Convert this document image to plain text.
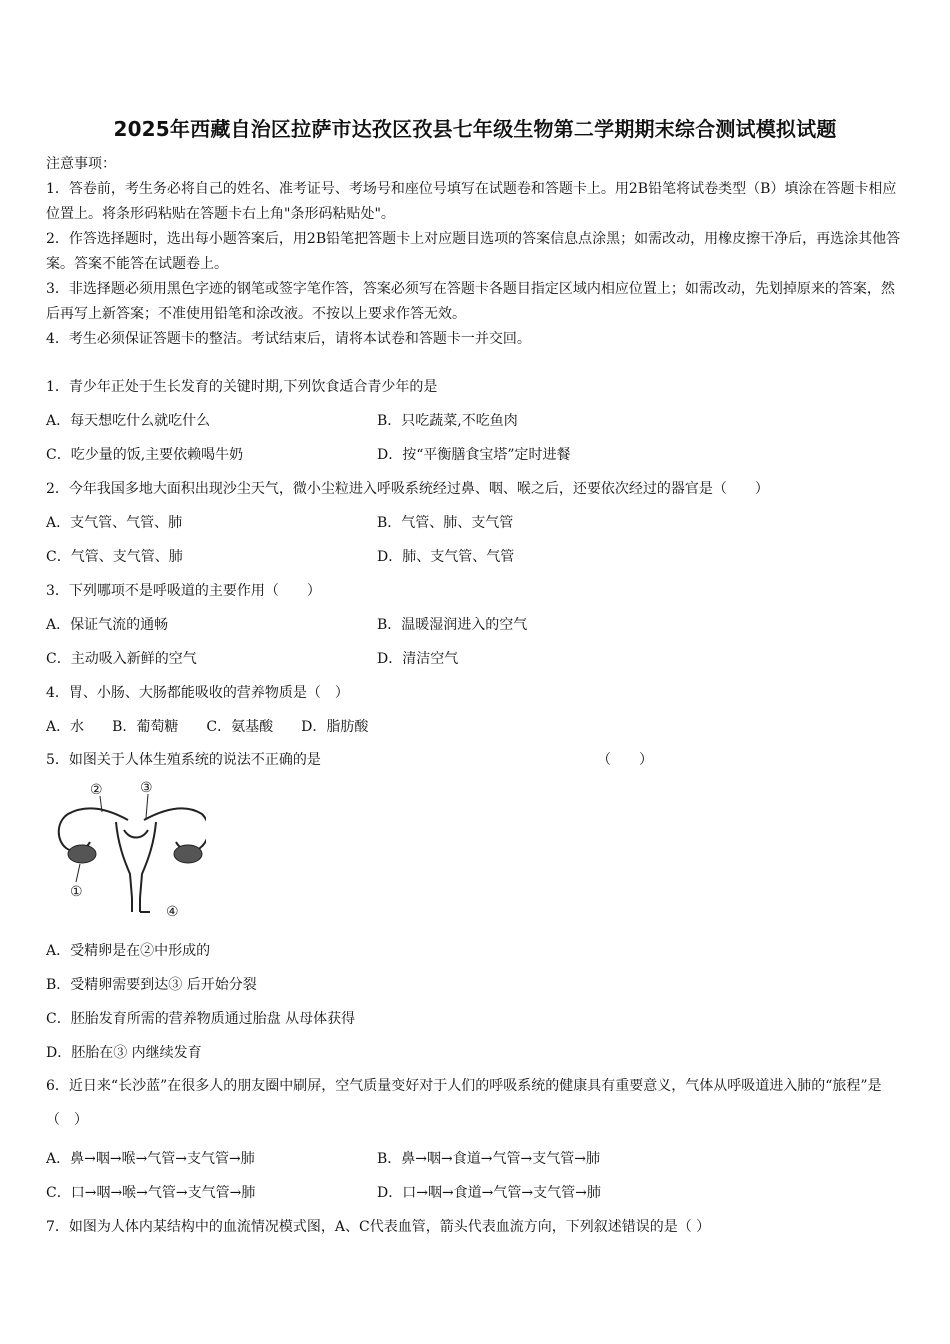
2025年西藏自治区拉萨市达孜区孜县七年级生物第二学期期末综合测试模拟试题

注意事项：

1．答卷前，考生务必将自己的姓名、准考证号、考场号和座位号填写在试题卷和答题卡上。用2B铅笔将试卷类型（B）填涂在答题卡相应位置上。将条形码粘贴在答题卡右上角"条形码粘贴处"。

2．作答选择题时，选出每小题答案后，用2B铅笔把答题卡上对应题目选项的答案信息点涂黑；如需改动，用橡皮擦干净后，再选涂其他答案。答案不能答在试题卷上。

3．非选择题必须用黑色字迹的钢笔或签字笔作答，答案必须写在答题卡各题目指定区域内相应位置上；如需改动，先划掉原来的答案，然后再写上新答案；不准使用铅笔和涂改液。不按以上要求作答无效。

4．考生必须保证答题卡的整洁。考试结束后，请将本试卷和答题卡一并交回。

1．青少年正处于生长发育的关键时期,下列饮食适合青少年的是
A．每天想吃什么就吃什么	B．只吃蔬菜,不吃鱼肉
C．吃少量的饭,主要依赖喝牛奶	D．按“平衡膳食宝塔”定时进餐
2．今年我国多地大面积出现沙尘天气，微小尘粒进入呼吸系统经过鼻、咽、喉之后，还要依次经过的器官是（　　）
A．支气管、气管、肺	B．气管、肺、支气管
C．气管、支气管、肺	D．肺、支气管、气管
3．下列哪项不是呼吸道的主要作用（　　）
A．保证气流的通畅	B．温暖湿润进入的空气
C．主动吸入新鲜的空气	D．清洁空气
4．胃、小肠、大肠都能吸收的营养物质是（　）
A．水　　B．葡萄糖　　C．氨基酸　　D．脂肪酸
5．如图关于人体生殖系统的说法不正确的是	（　　）
②	③
①
④
A．受精卵是在②中形成的
B．受精卵需要到达③ 后开始分裂
C．胚胎发育所需的营养物质通过胎盘 从母体获得
D．胚胎在③ 内继续发育
6．近日来“长沙蓝”在很多人的朋友圈中刷屏，空气质量变好对于人们的呼吸系统的健康具有重要意义，气体从呼吸道进入肺的“旅程”是（　）
A．鼻→咽→喉→气管→支气管→肺	B．鼻→咽→食道→气管→支气管→肺
C．口→咽→喉→气管→支气管→肺	D．口→咽→食道→气管→支气管→肺
7．如图为人体内某结构中的血流情况模式图，A、C代表血管，箭头代表血流方向，下列叙述错误的是（ ）
